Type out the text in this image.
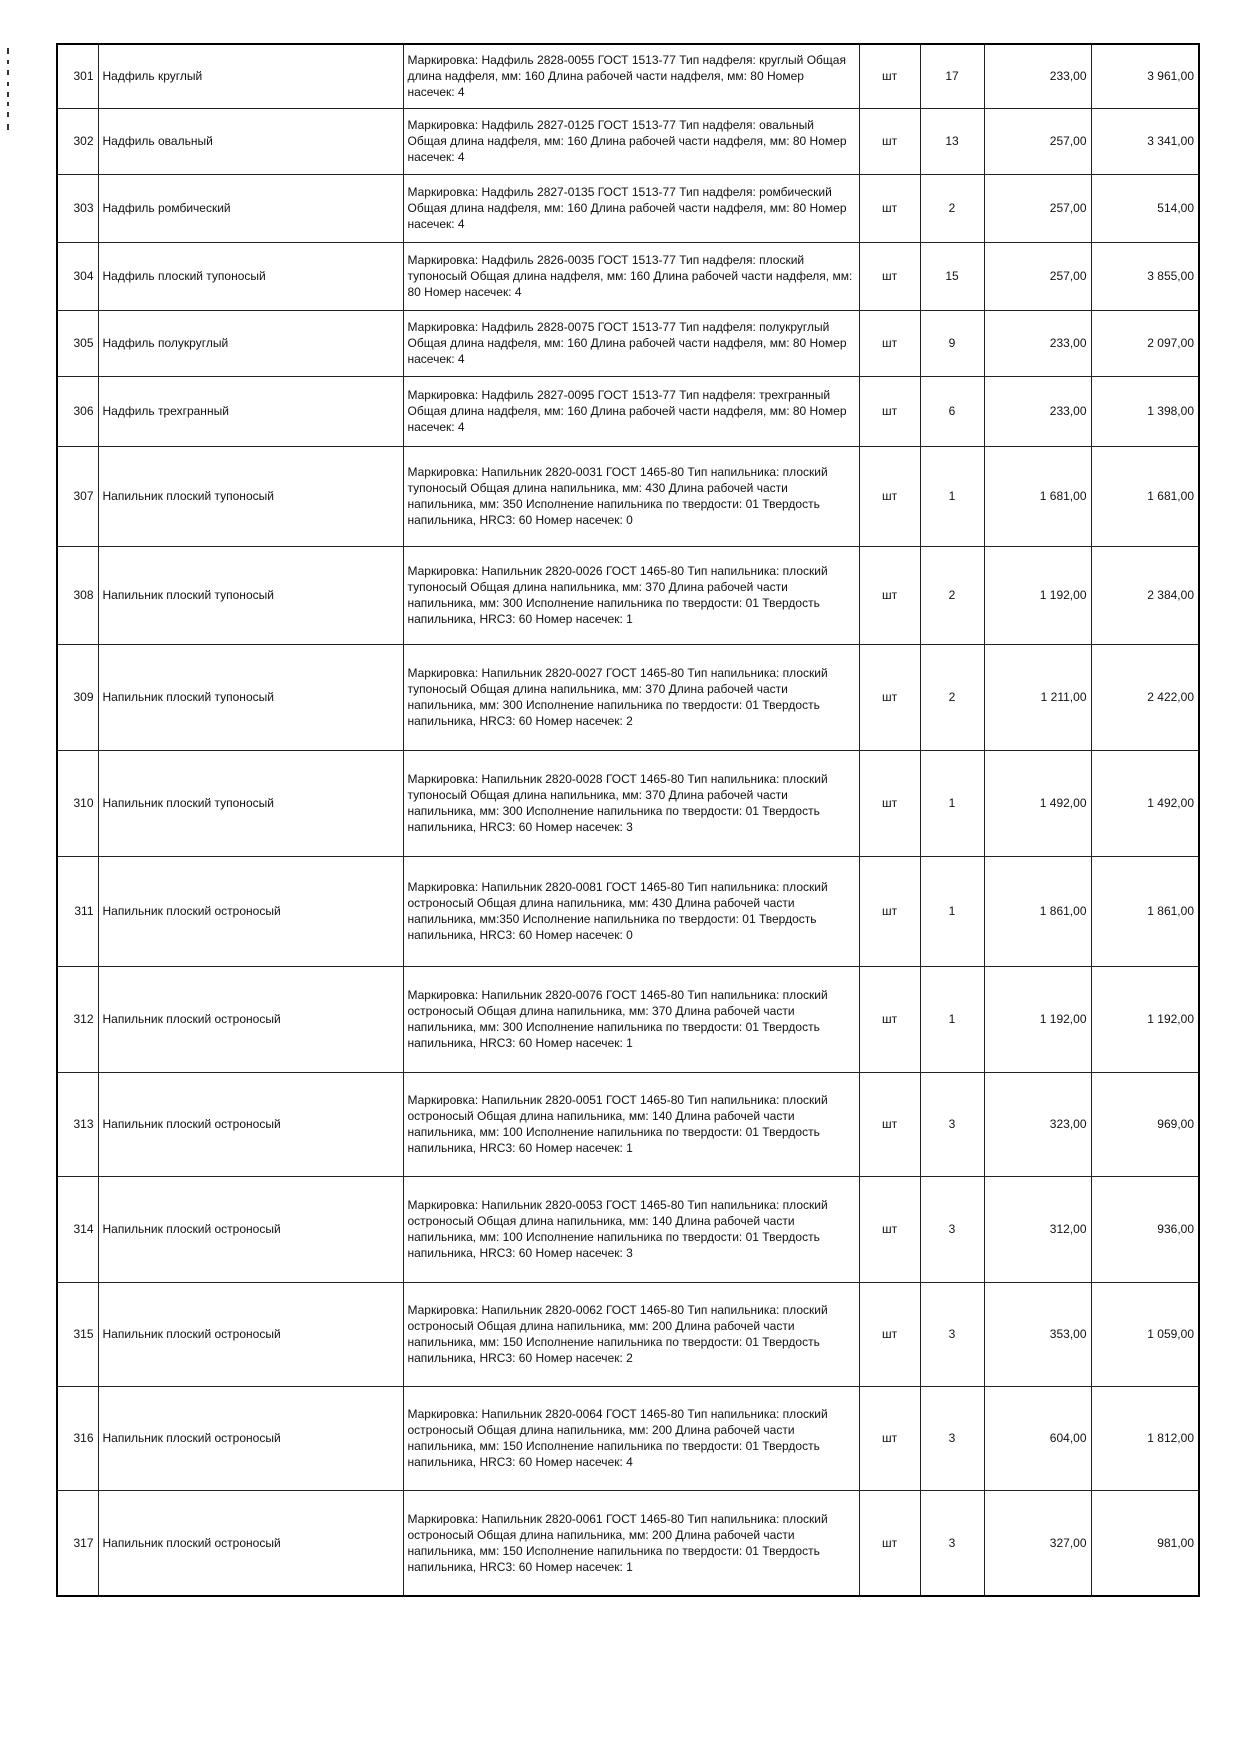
301	Надфиль круглый	Маркировка: Надфиль 2828-0055 ГОСТ 1513-77 Тип надфеля: круглый Общая длина надфеля, мм: 160 Длина рабочей части надфеля, мм: 80 Номер насечек: 4	шт	17	233,00	3 961,00
302	Надфиль овальный	Маркировка: Надфиль 2827-0125 ГОСТ 1513-77 Тип надфеля: овальный Общая длина надфеля, мм: 160 Длина рабочей части надфеля, мм: 80 Номер насечек: 4	шт	13	257,00	3 341,00
303	Надфиль ромбический	Маркировка: Надфиль 2827-0135 ГОСТ 1513-77 Тип надфеля: ромбический Общая длина надфеля, мм: 160 Длина рабочей части надфеля, мм: 80 Номер насечек: 4	шт	2	257,00	514,00
304	Надфиль плоский тупоносый	Маркировка: Надфиль 2826-0035 ГОСТ 1513-77 Тип надфеля: плоский тупоносый Общая длина надфеля, мм: 160 Длина рабочей части надфеля, мм: 80 Номер насечек: 4	шт	15	257,00	3 855,00
305	Надфиль полукруглый	Маркировка: Надфиль 2828-0075 ГОСТ 1513-77 Тип надфеля: полукруглый Общая длина надфеля, мм: 160 Длина рабочей части надфеля, мм: 80 Номер насечек: 4	шт	9	233,00	2 097,00
306	Надфиль трехгранный	Маркировка: Надфиль 2827-0095 ГОСТ 1513-77 Тип надфеля: трехгранный Общая длина надфеля, мм: 160 Длина рабочей части надфеля, мм: 80 Номер насечек: 4	шт	6	233,00	1 398,00
307	Напильник плоский тупоносый	Маркировка: Напильник 2820-0031 ГОСТ 1465-80 Тип напильника: плоский тупоносый Общая длина напильника, мм: 430 Длина рабочей части напильника, мм: 350 Исполнение напильника по твердости: 01 Твердость напильника, HRC3: 60 Номер насечек: 0	шт	1	1 681,00	1 681,00
308	Напильник плоский тупоносый	Маркировка: Напильник 2820-0026 ГОСТ 1465-80 Тип напильника: плоский тупоносый Общая длина напильника, мм: 370 Длина рабочей части напильника, мм: 300 Исполнение напильника по твердости: 01 Твердость напильника, HRC3: 60 Номер насечек: 1	шт	2	1 192,00	2 384,00
309	Напильник плоский тупоносый	Маркировка: Напильник 2820-0027 ГОСТ 1465-80 Тип напильника: плоский тупоносый Общая длина напильника, мм: 370 Длина рабочей части напильника, мм: 300 Исполнение напильника по твердости: 01 Твердость напильника, HRC3: 60 Номер насечек: 2	шт	2	1 211,00	2 422,00
310	Напильник плоский тупоносый	Маркировка: Напильник 2820-0028 ГОСТ 1465-80 Тип напильника: плоский тупоносый Общая длина напильника, мм: 370 Длина рабочей части напильника, мм: 300 Исполнение напильника по твердости: 01 Твердость напильника, HRC3: 60 Номер насечек: 3	шт	1	1 492,00	1 492,00
311	Напильник плоский остроносый	Маркировка: Напильник 2820-0081 ГОСТ 1465-80 Тип напильника: плоский остроносый Общая длина напильника, мм: 430 Длина рабочей части напильника, мм:350 Исполнение напильника по твердости: 01 Твердость напильника, HRC3: 60 Номер насечек: 0	шт	1	1 861,00	1 861,00
312	Напильник плоский остроносый	Маркировка: Напильник 2820-0076 ГОСТ 1465-80 Тип напильника: плоский остроносый Общая длина напильника, мм: 370 Длина рабочей части напильника, мм: 300 Исполнение напильника по твердости: 01 Твердость напильника, HRC3: 60 Номер насечек: 1	шт	1	1 192,00	1 192,00
313	Напильник плоский остроносый	Маркировка: Напильник 2820-0051 ГОСТ 1465-80 Тип напильника: плоский остроносый Общая длина напильника, мм: 140 Длина рабочей части напильника, мм: 100 Исполнение напильника по твердости: 01 Твердость напильника, HRC3: 60 Номер насечек: 1	шт	3	323,00	969,00
314	Напильник плоский остроносый	Маркировка: Напильник 2820-0053 ГОСТ 1465-80 Тип напильника: плоский остроносый Общая длина напильника, мм: 140 Длина рабочей части напильника, мм: 100 Исполнение напильника по твердости: 01 Твердость напильника, HRC3: 60 Номер насечек: 3	шт	3	312,00	936,00
315	Напильник плоский остроносый	Маркировка: Напильник 2820-0062 ГОСТ 1465-80 Тип напильника: плоский остроносый Общая длина напильника, мм: 200 Длина рабочей части напильника, мм: 150 Исполнение напильника по твердости: 01 Твердость напильника, HRC3: 60 Номер насечек: 2	шт	3	353,00	1 059,00
316	Напильник плоский остроносый	Маркировка: Напильник 2820-0064 ГОСТ 1465-80 Тип напильника: плоский остроносый Общая длина напильника, мм: 200 Длина рабочей части напильника, мм: 150 Исполнение напильника по твердости: 01 Твердость напильника, HRC3: 60 Номер насечек: 4	шт	3	604,00	1 812,00
317	Напильник плоский остроносый	Маркировка: Напильник 2820-0061 ГОСТ 1465-80 Тип напильника: плоский остроносый Общая длина напильника, мм: 200 Длина рабочей части напильника, мм: 150 Исполнение напильника по твердости: 01 Твердость напильника, HRC3: 60 Номер насечек: 1	шт	3	327,00	981,00
